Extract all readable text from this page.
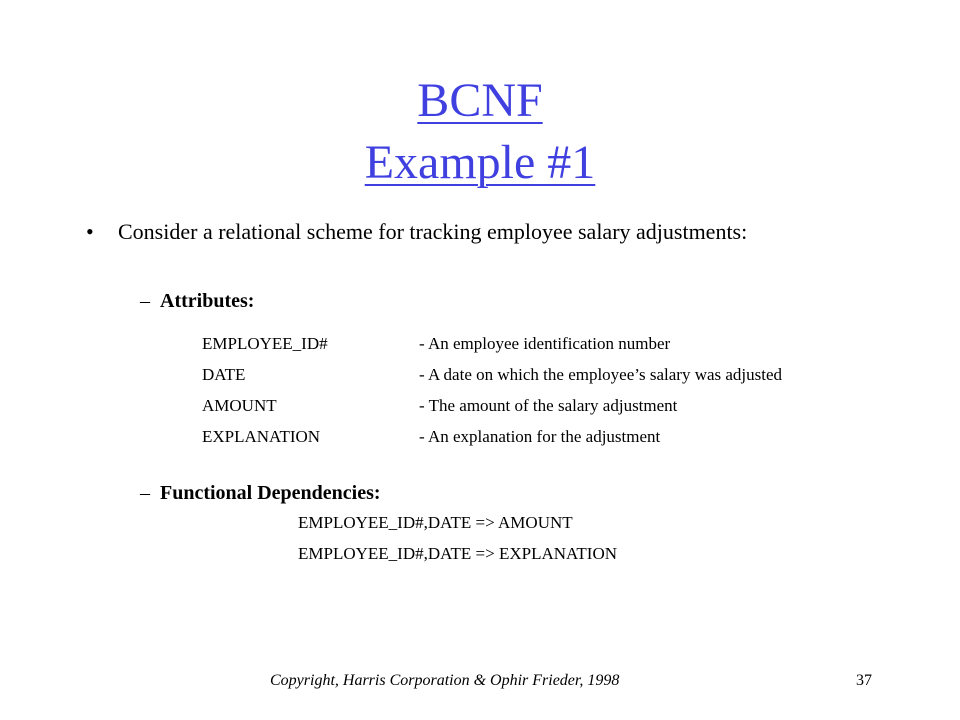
BCNF
Example #1
• Consider a relational scheme for tracking employee salary adjustments:
– Attributes:
EMPLOYEE_ID#	- An employee identification number
DATE	- A date on which the employee’s salary was adjusted
AMOUNT	- The amount of the salary adjustment
EXPLANATION	- An explanation for the adjustment
– Functional Dependencies:
EMPLOYEE_ID#,DATE => AMOUNT
EMPLOYEE_ID#,DATE => EXPLANATION
Copyright, Harris Corporation & Ophir Frieder, 1998	37
